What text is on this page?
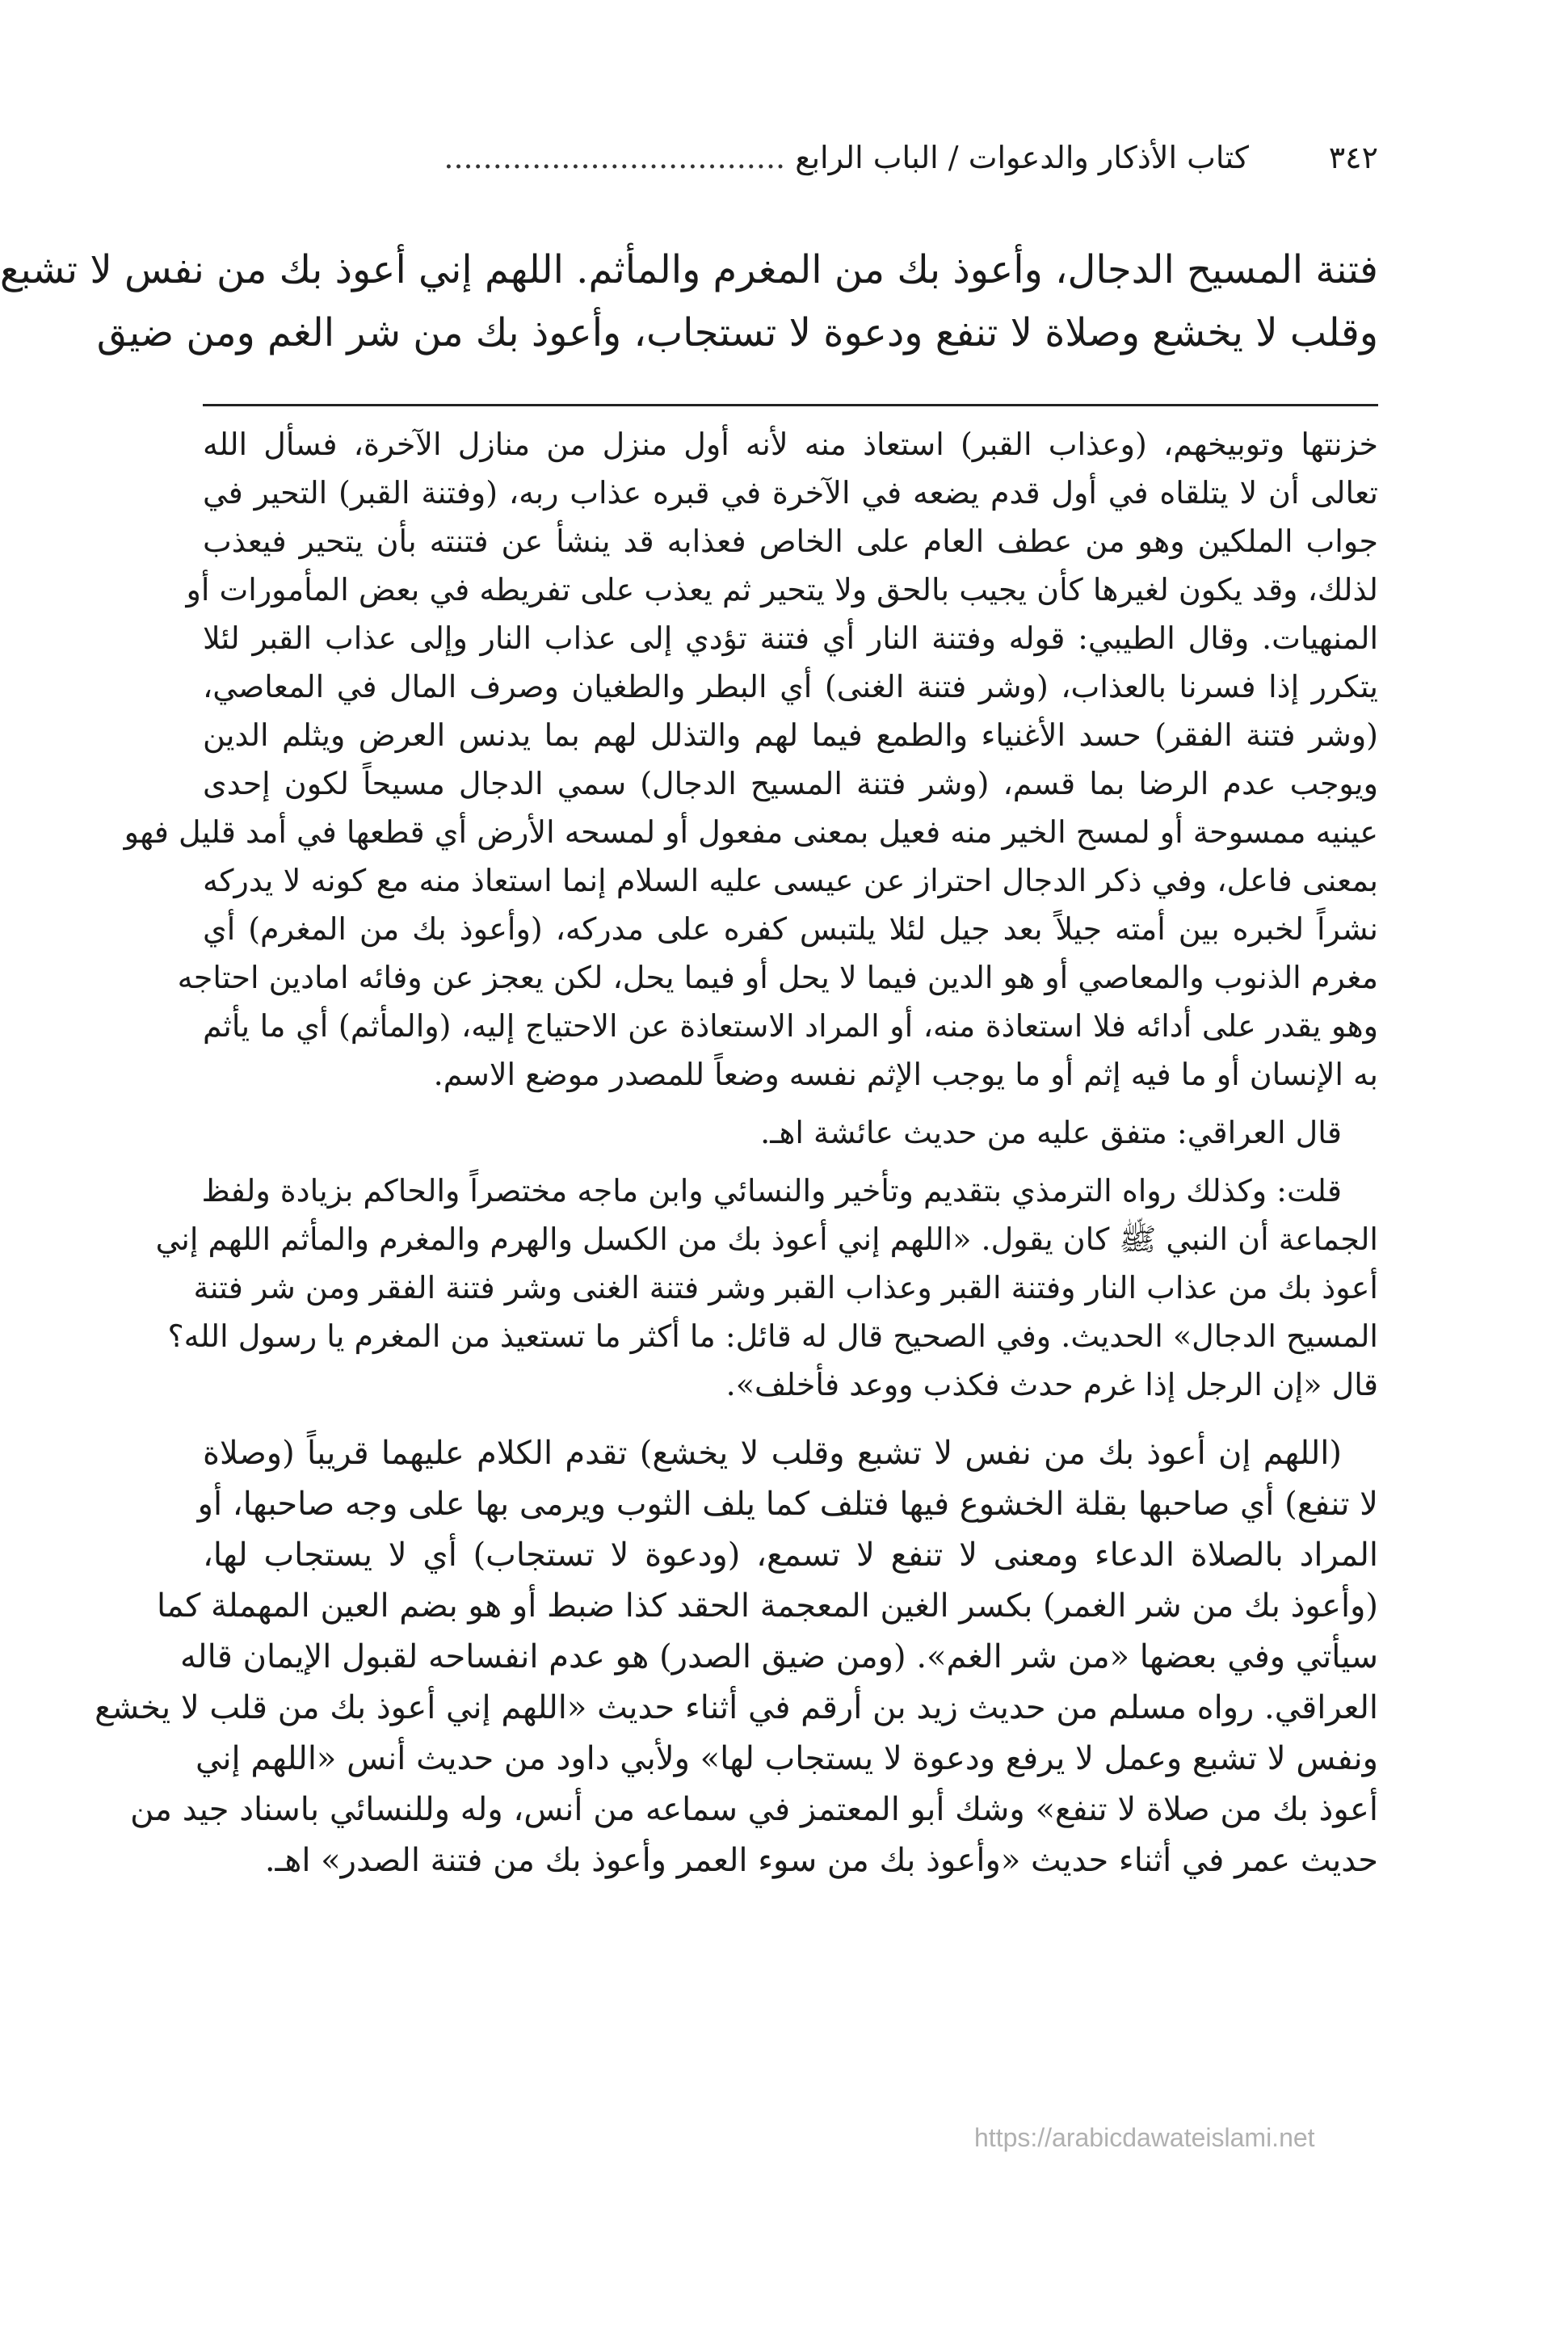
٣٤٢
كتاب الأذكار والدعوات / الباب الرابع ...................................
فتنة المسيح الدجال، وأعوذ بك من المغرم والمأثم. اللهم إني أعوذ بك من نفس لا تشبع
وقلب لا يخشع وصلاة لا تنفع ودعوة لا تستجاب، وأعوذ بك من شر الغم ومن ضيق
خزنتها وتوبيخهم، (وعذاب القبر) استعاذ منه لأنه أول منزل من منازل الآخرة، فسأل الله
تعالى أن لا يتلقاه في أول قدم يضعه في الآخرة في قبره عذاب ربه، (وفتنة القبر) التحير في
جواب الملكين وهو من عطف العام على الخاص فعذابه قد ينشأ عن فتنته بأن يتحير فيعذب
لذلك، وقد يكون لغيرها كأن يجيب بالحق ولا يتحير ثم يعذب على تفريطه في بعض المأمورات أو
المنهيات. وقال الطيبي: قوله وفتنة النار أي فتنة تؤدي إلى عذاب النار وإلى عذاب القبر لئلا
يتكرر إذا فسرنا بالعذاب، (وشر فتنة الغنى) أي البطر والطغيان وصرف المال في المعاصي،
(وشر فتنة الفقر) حسد الأغنياء والطمع فيما لهم والتذلل لهم بما يدنس العرض ويثلم الدين
ويوجب عدم الرضا بما قسم، (وشر فتنة المسيح الدجال) سمي الدجال مسيحاً لكون إحدى
عينيه ممسوحة أو لمسح الخير منه فعيل بمعنى مفعول أو لمسحه الأرض أي قطعها في أمد قليل فهو
بمعنى فاعل، وفي ذكر الدجال احتراز عن عيسى عليه السلام إنما استعاذ منه مع كونه لا يدركه
نشراً لخبره بين أمته جيلاً بعد جيل لئلا يلتبس كفره على مدركه، (وأعوذ بك من المغرم) أي
مغرم الذنوب والمعاصي أو هو الدين فيما لا يحل أو فيما يحل، لكن يعجز عن وفائه امادين احتاجه
وهو يقدر على أدائه فلا استعاذة منه، أو المراد الاستعاذة عن الاحتياج إليه، (والمأثم) أي ما يأثم
به الإنسان أو ما فيه إثم أو ما يوجب الإثم نفسه وضعاً للمصدر موضع الاسم.
قال العراقي: متفق عليه من حديث عائشة اهـ.
قلت: وكذلك رواه الترمذي بتقديم وتأخير والنسائي وابن ماجه مختصراً والحاكم بزيادة ولفظ
الجماعة أن النبي ﷺ كان يقول. «اللهم إني أعوذ بك من الكسل والهرم والمغرم والمأثم اللهم إني
أعوذ بك من عذاب النار وفتنة القبر وعذاب القبر وشر فتنة الغنى وشر فتنة الفقر ومن شر فتنة
المسيح الدجال» الحديث. وفي الصحيح قال له قائل: ما أكثر ما تستعيذ من المغرم يا رسول الله؟
قال «إن الرجل إذا غرم حدث فكذب ووعد فأخلف».
(اللهم إن أعوذ بك من نفس لا تشبع وقلب لا يخشع) تقدم الكلام عليهما قريباً (وصلاة
لا تنفع) أي صاحبها بقلة الخشوع فيها فتلف كما يلف الثوب ويرمى بها على وجه صاحبها، أو
المراد بالصلاة الدعاء ومعنى لا تنفع لا تسمع، (ودعوة لا تستجاب) أي لا يستجاب لها،
(وأعوذ بك من شر الغمر) بكسر الغين المعجمة الحقد كذا ضبط أو هو بضم العين المهملة كما
سيأتي وفي بعضها «من شر الغم». (ومن ضيق الصدر) هو عدم انفساحه لقبول الإيمان قاله
العراقي. رواه مسلم من حديث زيد بن أرقم في أثناء حديث «اللهم إني أعوذ بك من قلب لا يخشع
ونفس لا تشبع وعمل لا يرفع ودعوة لا يستجاب لها» ولأبي داود من حديث أنس «اللهم إني
أعوذ بك من صلاة لا تنفع» وشك أبو المعتمز في سماعه من أنس، وله وللنسائي باسناد جيد من
حديث عمر في أثناء حديث «وأعوذ بك من سوء العمر وأعوذ بك من فتنة الصدر» اهـ.
https://arabicdawateislami.net
